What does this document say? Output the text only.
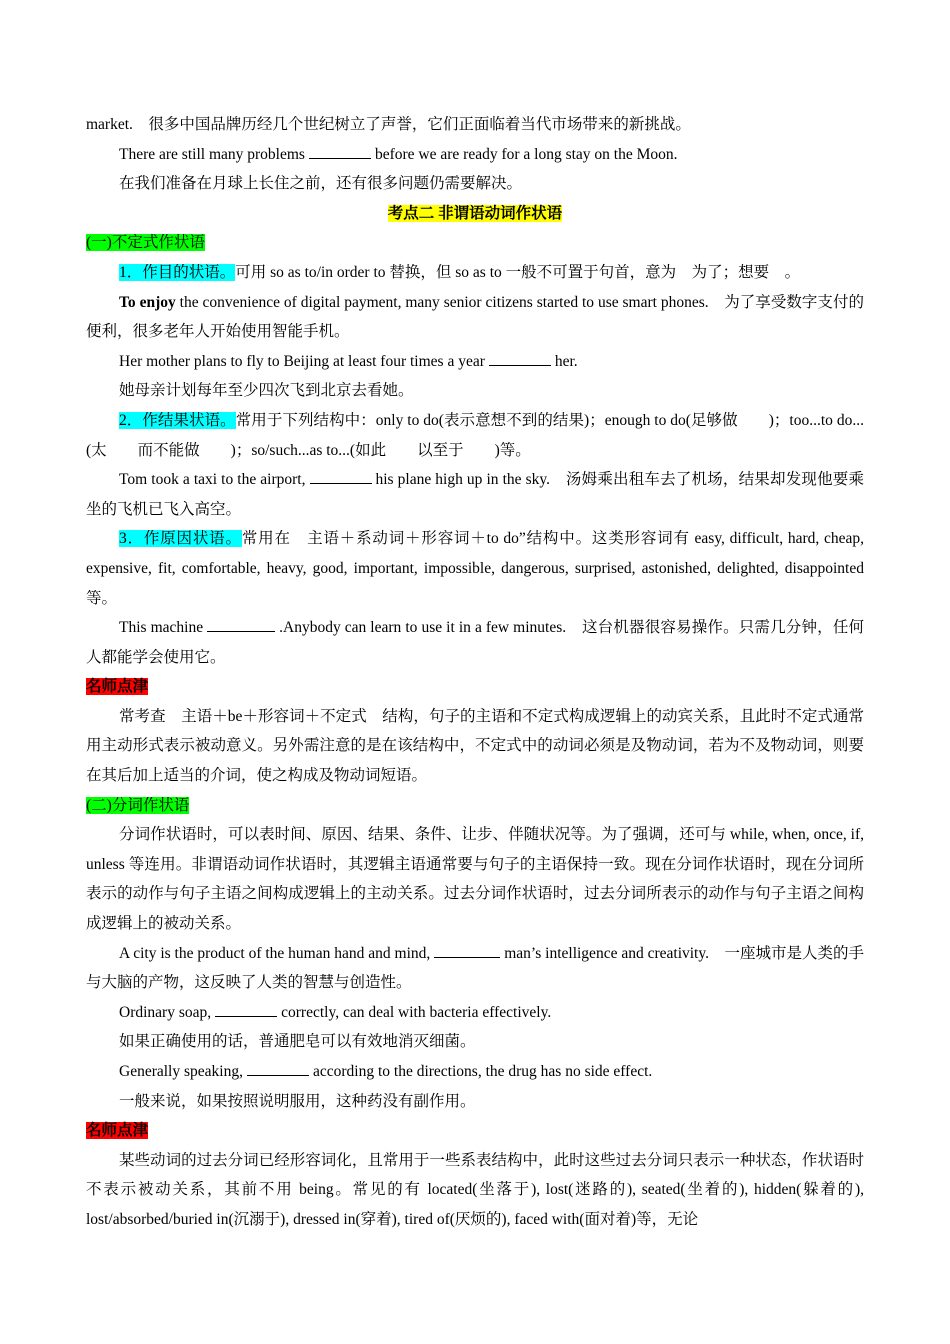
market.　很多中国品牌历经几个世纪树立了声誉，它们正面临着当代市场带来的新挑战。

There are still many problems	before we are ready for a long stay on the Moon.

在我们准备在月球上长住之前，还有很多问题仍需要解决。

考点二 非谓语动词作状语

(一)不定式作状语

1．作目的状语。可用 so as to/in order to 替换，但 so as to 一般不可置于句首，意为　为了；想要　。

To enjoy the convenience of digital payment, many senior citizens started to use smart phones.　为了享受数字支付的便利，很多老年人开始使用智能手机。

Her mother plans to fly to Beijing at least four times a year	her.

她母亲计划每年至少四次飞到北京去看她。

2．作结果状语。常用于下列结构中：only to do(表示意想不到的结果)；enough to do(足够做　　)；too...to do...(太　　而不能做　　)；so/such...as to...(如此　　以至于　　)等。

Tom took a taxi to the airport,	his plane high up in the sky.　汤姆乘出租车去了机场，结果却发现他要乘坐的飞机已飞入高空。

3．作原因状语。常用在　主语＋系动词＋形容词＋to do”结构中。这类形容词有 easy, difficult, hard, cheap, expensive, fit, comfortable, heavy, good, important, impossible, dangerous, surprised, astonished, delighted, disappointed 等。

This machine	.Anybody can learn to use it in a few minutes.　这台机器很容易操作。只需几分钟，任何人都能学会使用它。

名师点津

常考查　主语＋be＋形容词＋不定式　结构，句子的主语和不定式构成逻辑上的动宾关系，且此时不定式通常用主动形式表示被动意义。另外需注意的是在该结构中，不定式中的动词必须是及物动词，若为不及物动词，则要在其后加上适当的介词，使之构成及物动词短语。

(二)分词作状语

分词作状语时，可以表时间、原因、结果、条件、让步、伴随状况等。为了强调，还可与 while, when, once, if, unless 等连用。非谓语动词作状语时，其逻辑主语通常要与句子的主语保持一致。现在分词作状语时，现在分词所表示的动作与句子主语之间构成逻辑上的主动关系。过去分词作状语时，过去分词所表示的动作与句子主语之间构成逻辑上的被动关系。

A city is the product of the human hand and mind,	man’s intelligence and creativity.　一座城市是人类的手与大脑的产物，这反映了人类的智慧与创造性。

Ordinary soap,	correctly, can deal with bacteria effectively.

如果正确使用的话，普通肥皂可以有效地消灭细菌。

Generally speaking,	according to the directions, the drug has no side effect.

一般来说，如果按照说明服用，这种药没有副作用。

名师点津

某些动词的过去分词已经形容词化，且常用于一些系表结构中，此时这些过去分词只表示一种状态，作状语时不表示被动关系，其前不用 being。常见的有 located(坐落于), lost(迷路的), seated(坐着的), hidden(躲着的), lost/absorbed/buried in(沉溺于), dressed in(穿着), tired of(厌烦的), faced with(面对着)等，无论
